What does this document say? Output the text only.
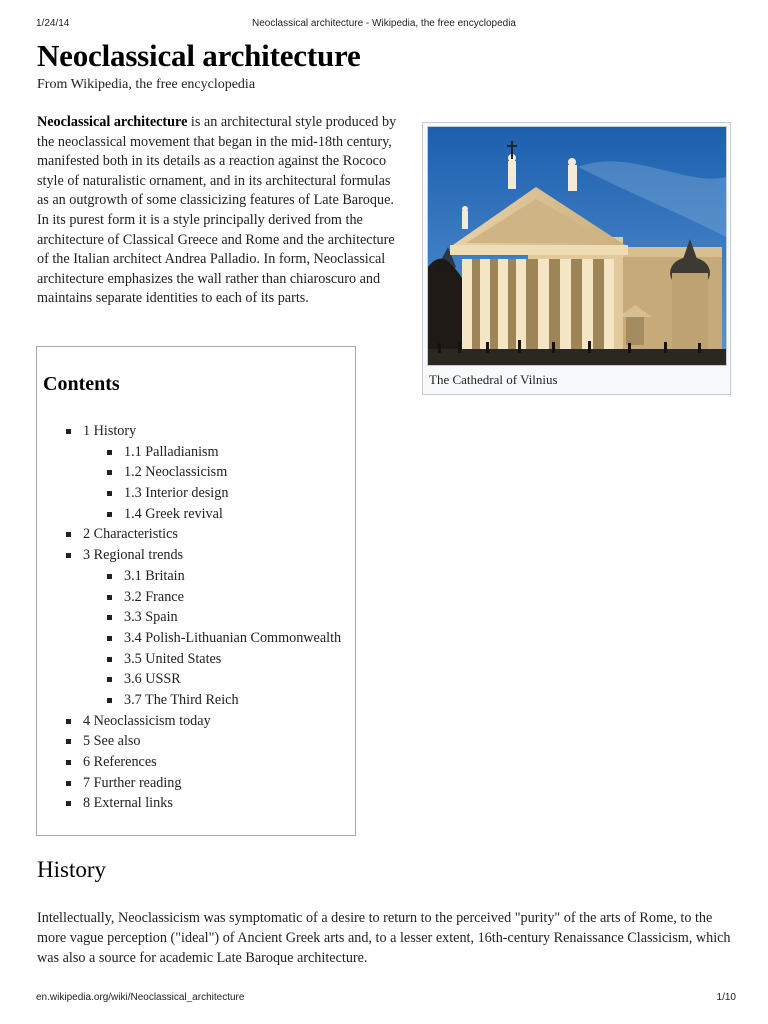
1/24/14	Neoclassical architecture - Wikipedia, the free encyclopedia
Neoclassical architecture
From Wikipedia, the free encyclopedia

Neoclassical architecture is an architectural style produced by the neoclassical movement that began in the mid-18th century, manifested both in its details as a reaction against the Rococo style of naturalistic ornament, and in its architectural formulas as an outgrowth of some classicizing features of Late Baroque. In its purest form it is a style principally derived from the architecture of Classical Greece and Rome and the architecture of the Italian architect Andrea Palladio. In form, Neoclassical architecture emphasizes the wall rather than chiaroscuro and maintains separate identities to each of its parts.

The Cathedral of Vilnius
Contents
1 History
1.1 Palladianism
1.2 Neoclassicism
1.3 Interior design
1.4 Greek revival
2 Characteristics
3 Regional trends
3.1 Britain
3.2 France
3.3 Spain
3.4 Polish-Lithuanian Commonwealth
3.5 United States
3.6 USSR
3.7 The Third Reich
4 Neoclassicism today
5 See also
6 References
7 Further reading
8 External links
History

Intellectually, Neoclassicism was symptomatic of a desire to return to the perceived "purity" of the arts of Rome, to the more vague perception ("ideal") of Ancient Greek arts and, to a lesser extent, 16th-century Renaissance Classicism, which was also a source for academic Late Baroque architecture.

en.wikipedia.org/wiki/Neoclassical_architecture	1/10
